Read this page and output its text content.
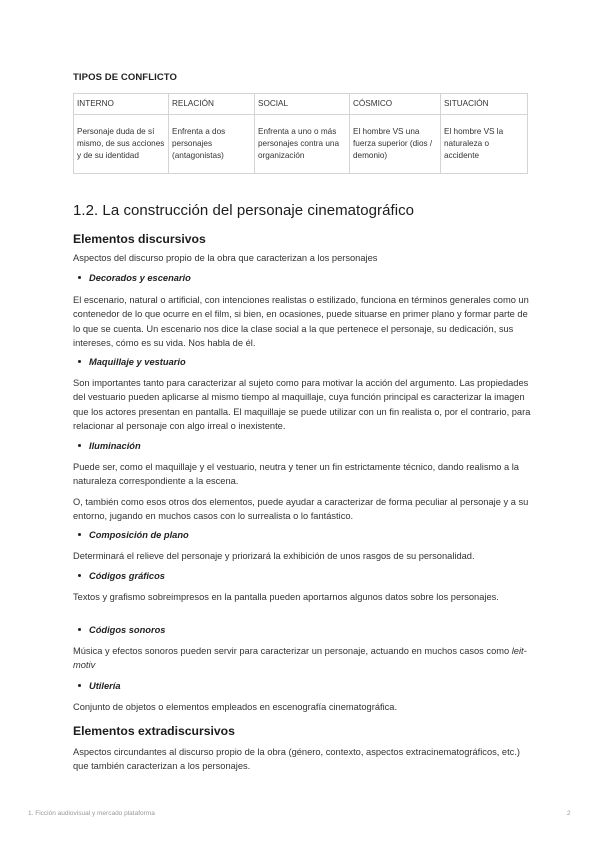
TIPOS DE CONFLICTO
INTERNO	RELACIÓN	SOCIAL	CÓSMICO	SITUACIÓN
Personaje duda de sí mismo, de sus acciones y de su identidad	Enfrenta a dos personajes (antagonistas)	Enfrenta a uno o más personajes contra una organización	El hombre VS una fuerza superior (dios / demonio)	El hombre VS la naturaleza o accidente
1.2. La construcción del personaje cinematográfico
Elementos discursivos
Aspectos del discurso propio de la obra que caracterizan a los personajes
Decorados y escenario
El escenario, natural o artificial, con intenciones realistas o estilizado, funciona en términos generales como un contenedor de lo que ocurre en el film, si bien, en ocasiones, puede situarse en primer plano y formar parte de lo que se cuenta. Un escenario nos dice la clase social a la que pertenece el personaje, su dedicación, sus intereses, cómo es su vida. Nos habla de él.
Maquillaje y vestuario
Son importantes tanto para caracterizar al sujeto como para motivar la acción del argumento. Las propiedades del vestuario pueden aplicarse al mismo tiempo al maquillaje, cuya función principal es caracterizar la imagen que los actores presentan en pantalla. El maquillaje se puede utilizar con un fin realista o, por el contrario, para relacionar al personaje con algo irreal o inexistente.
Iluminación
Puede ser, como el maquillaje y el vestuario, neutra y tener un fin estrictamente técnico, dando realismo a la naturaleza correspondiente a la escena.
O, también como esos otros dos elementos, puede ayudar a caracterizar de forma peculiar al personaje y a su entorno, jugando en muchos casos con lo surrealista o lo fantástico.
Composición de plano
Determinará el relieve del personaje y priorizará la exhibición de unos rasgos de su personalidad.
Códigos gráficos
Textos y grafismo sobreimpresos en la pantalla pueden aportarnos algunos datos sobre los personajes.
Códigos sonoros
Música y efectos sonoros pueden servir para caracterizar un personaje, actuando en muchos casos como leit-motiv
Utilería
Conjunto de objetos o elementos empleados en escenografía cinematográfica.
Elementos extradiscursivos
Aspectos circundantes al discurso propio de la obra (género, contexto, aspectos extracinematográficos, etc.) que también caracterizan a los personajes.
1. Ficción audiovisual y mercado plataforma	2
